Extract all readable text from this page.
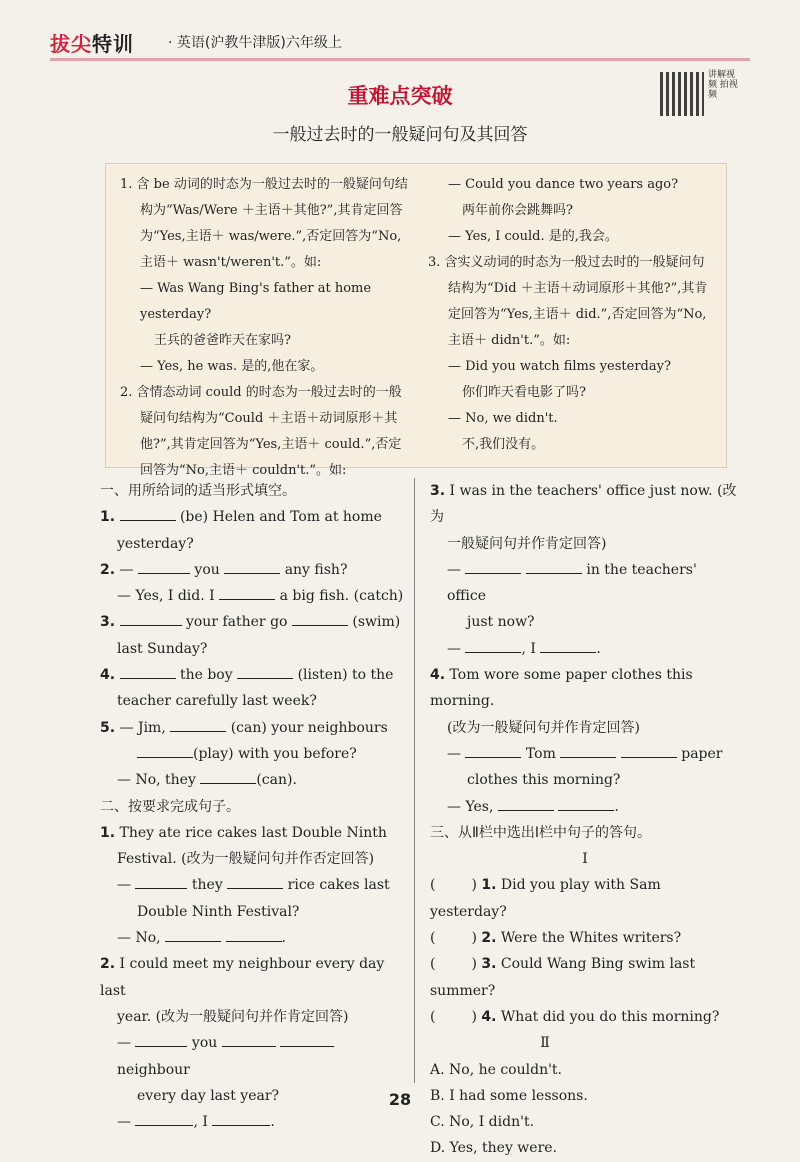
拔尖特训 · 英语(沪教牛津版)六年级上
讲解视频 拍视频
重难点突破
一般过去时的一般疑问句及其回答

1. 含 be 动词的时态为一般过去时的一般疑问句结

构为“Was/Were ＋主语＋其他?”,其肯定回答

为“Yes,主语＋ was/were.”,否定回答为“No,

主语＋ wasn't/weren't.”。如:

— Was Wang Bing's father at home yesterday?

王兵的爸爸昨天在家吗?

— Yes, he was. 是的,他在家。

2. 含情态动词 could 的时态为一般过去时的一般

疑问句结构为“Could ＋主语＋动词原形＋其

他?”,其肯定回答为“Yes,主语＋ could.”,否定

回答为“No,主语＋ couldn't.”。如:

— Could you dance two years ago?

两年前你会跳舞吗?

— Yes, I could. 是的,我会。

3. 含实义动词的时态为一般过去时的一般疑问句

结构为“Did ＋主语＋动词原形＋其他?”,其肯

定回答为“Yes,主语＋ did.”,否定回答为“No,

主语＋ didn't.”。如:

— Did you watch films yesterday?

你们昨天看电影了吗?

— No, we didn't.

不,我们没有。

一、用所给词的适当形式填空。

1.	(be) Helen and Tom at home

yesterday?

2. —	you	any fish?

— Yes, I did. I	a big fish. (catch)

3.	your father go	(swim)

last Sunday?

4.	the boy	(listen) to the

teacher carefully last week?

5. — Jim,	(can) your neighbours

(play) with you before?

— No, they	(can).

二、按要求完成句子。

1. They ate rice cakes last Double Ninth

Festival. (改为一般疑问句并作否定回答)

—	they	rice cakes last

Double Ninth Festival?

— No,	.

2. I could meet my neighbour every day last

year. (改为一般疑问句并作肯定回答)

—	you   neighbour

every day last year?

—	, I	.

3. I was in the teachers' office just now. (改为

一般疑问句并作肯定回答)

—	in the teachers' office

just now?

—	, I	.

4. Tom wore some paper clothes this morning.

(改为一般疑问句并作肯定回答)

—	Tom	paper

clothes this morning?

— Yes,	.

三、从Ⅱ栏中选出Ⅰ栏中句子的答句。

Ⅰ

(	) 1. Did you play with Sam yesterday?

(	) 2. Were the Whites writers?

(	) 3. Could Wang Bing swim last summer?

(	) 4. What did you do this morning?

Ⅱ

A. No, he couldn't.

B. I had some lessons.

C. No, I didn't.

D. Yes, they were.

28
